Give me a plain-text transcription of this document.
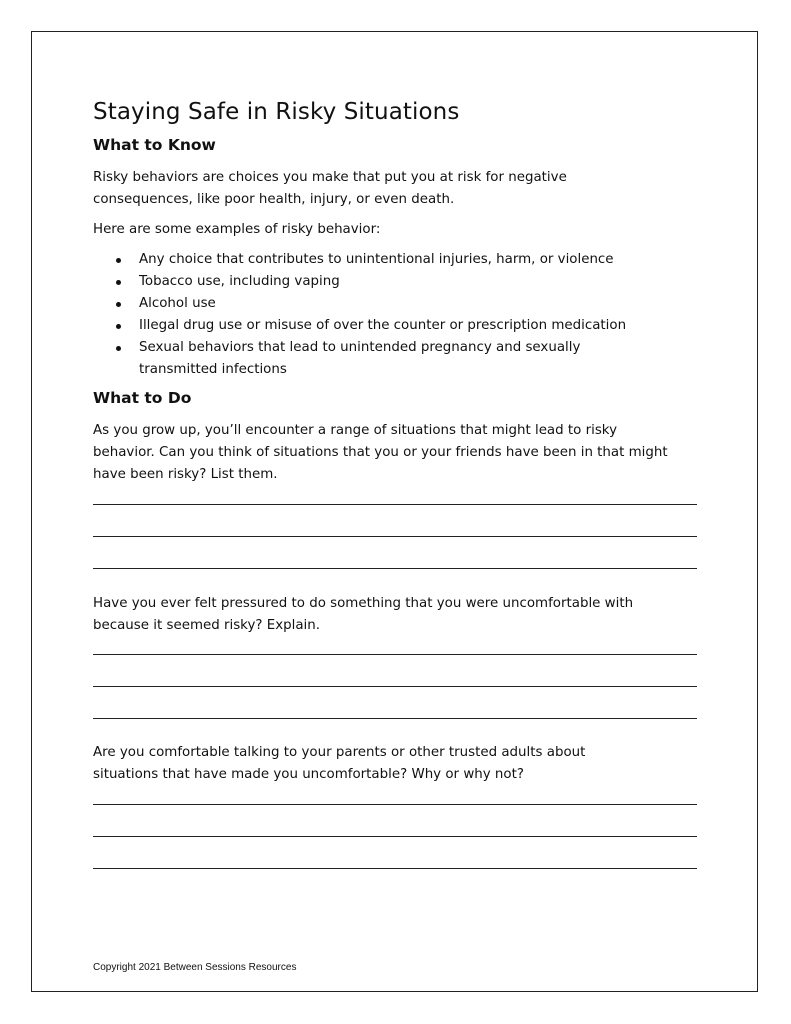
Staying Safe in Risky Situations
What to Know

Risky behaviors are choices you make that put you at risk for negative consequences, like poor health, injury, or even death.

Here are some examples of risky behavior:

Any choice that contributes to unintentional injuries, harm, or violence
Tobacco use, including vaping
Alcohol use
Illegal drug use or misuse of over the counter or prescription medication
Sexual behaviors that lead to unintended pregnancy and sexually transmitted infections
What to Do

As you grow up, you’ll encounter a range of situations that might lead to risky behavior. Can you think of situations that you or your friends have been in that might have been risky? List them.

Have you ever felt pressured to do something that you were uncomfortable with because it seemed risky? Explain.

Are you comfortable talking to your parents or other trusted adults about situations that have made you uncomfortable? Why or why not?

Copyright 2021 Between Sessions Resources
